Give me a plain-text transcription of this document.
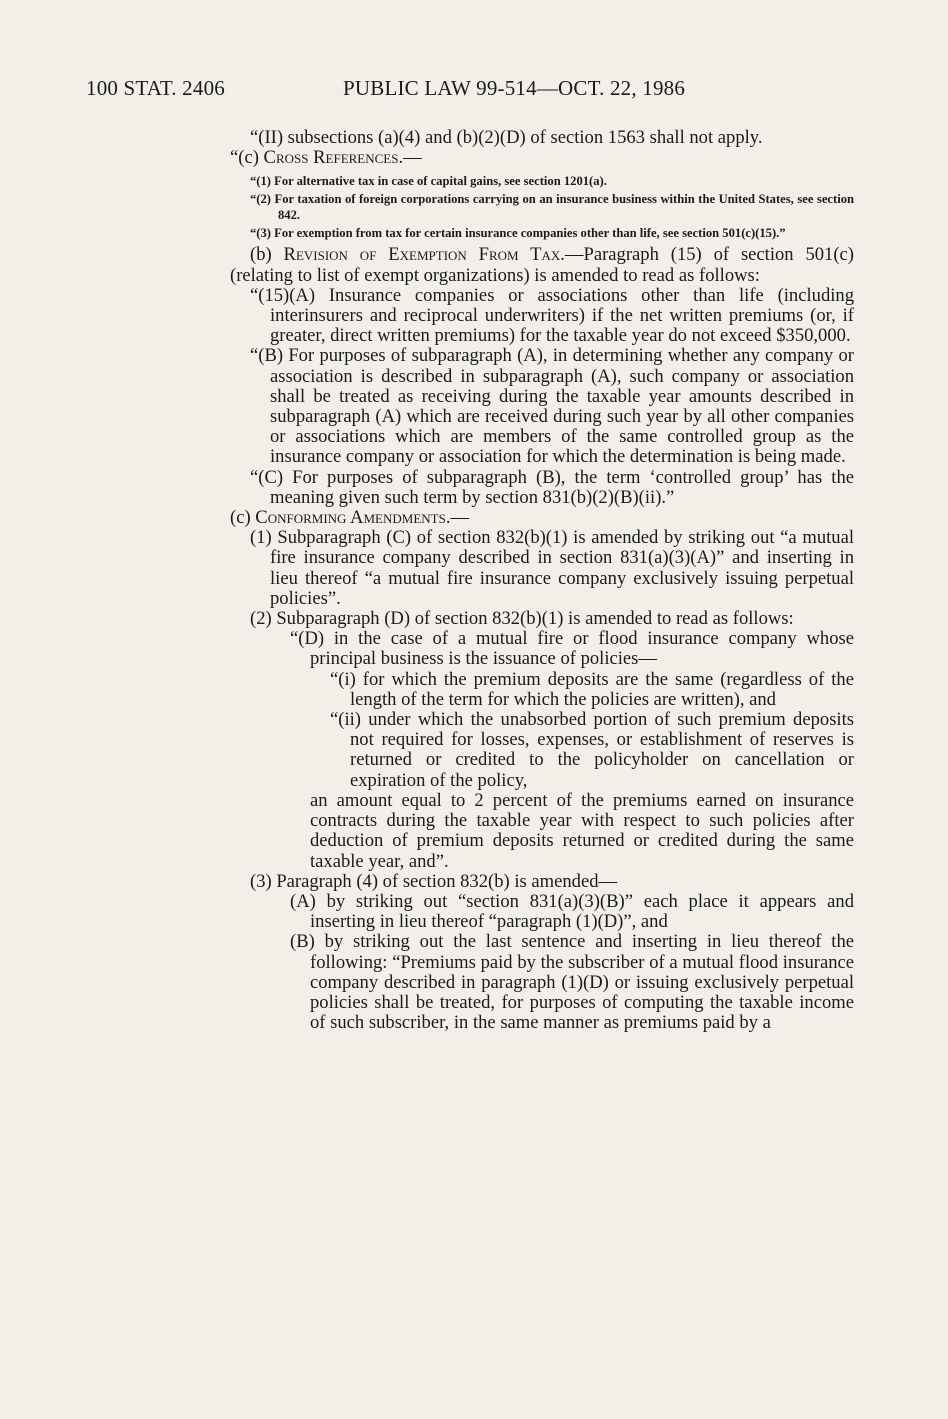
100 STAT. 2406	PUBLIC LAW 99-514—OCT. 22, 1986

“(II) subsections (a)(4) and (b)(2)(D) of section 1563 shall not apply.

“(c) Cross References.—

“(1) For alternative tax in case of capital gains, see section 1201(a).

“(2) For taxation of foreign corporations carrying on an insurance business within the United States, see section 842.

“(3) For exemption from tax for certain insurance companies other than life, see section 501(c)(15).”

(b) Revision of Exemption From Tax.—Paragraph (15) of section 501(c) (relating to list of exempt organizations) is amended to read as follows:

“(15)(A) Insurance companies or associations other than life (including interinsurers and reciprocal underwriters) if the net written premiums (or, if greater, direct written premiums) for the taxable year do not exceed $350,000.

“(B) For purposes of subparagraph (A), in determining whether any company or association is described in subparagraph (A), such company or association shall be treated as receiving during the taxable year amounts described in subparagraph (A) which are received during such year by all other companies or associations which are members of the same controlled group as the insurance company or association for which the determination is being made.

“(C) For purposes of subparagraph (B), the term ‘controlled group’ has the meaning given such term by section 831(b)(2)(B)(ii).”

(c) Conforming Amendments.—

(1) Subparagraph (C) of section 832(b)(1) is amended by striking out “a mutual fire insurance company described in section 831(a)(3)(A)” and inserting in lieu thereof “a mutual fire insurance company exclusively issuing perpetual policies”.

(2) Subparagraph (D) of section 832(b)(1) is amended to read as follows:

“(D) in the case of a mutual fire or flood insurance company whose principal business is the issuance of policies—

“(i) for which the premium deposits are the same (regardless of the length of the term for which the policies are written), and

“(ii) under which the unabsorbed portion of such premium deposits not required for losses, expenses, or establishment of reserves is returned or credited to the policyholder on cancellation or expiration of the policy,

an amount equal to 2 percent of the premiums earned on insurance contracts during the taxable year with respect to such policies after deduction of premium deposits returned or credited during the same taxable year, and”.

(3) Paragraph (4) of section 832(b) is amended—

(A) by striking out “section 831(a)(3)(B)” each place it appears and inserting in lieu thereof “paragraph (1)(D)”, and

(B) by striking out the last sentence and inserting in lieu thereof the following: “Premiums paid by the subscriber of a mutual flood insurance company described in paragraph (1)(D) or issuing exclusively perpetual policies shall be treated, for purposes of computing the taxable income of such subscriber, in the same manner as premiums paid by a
